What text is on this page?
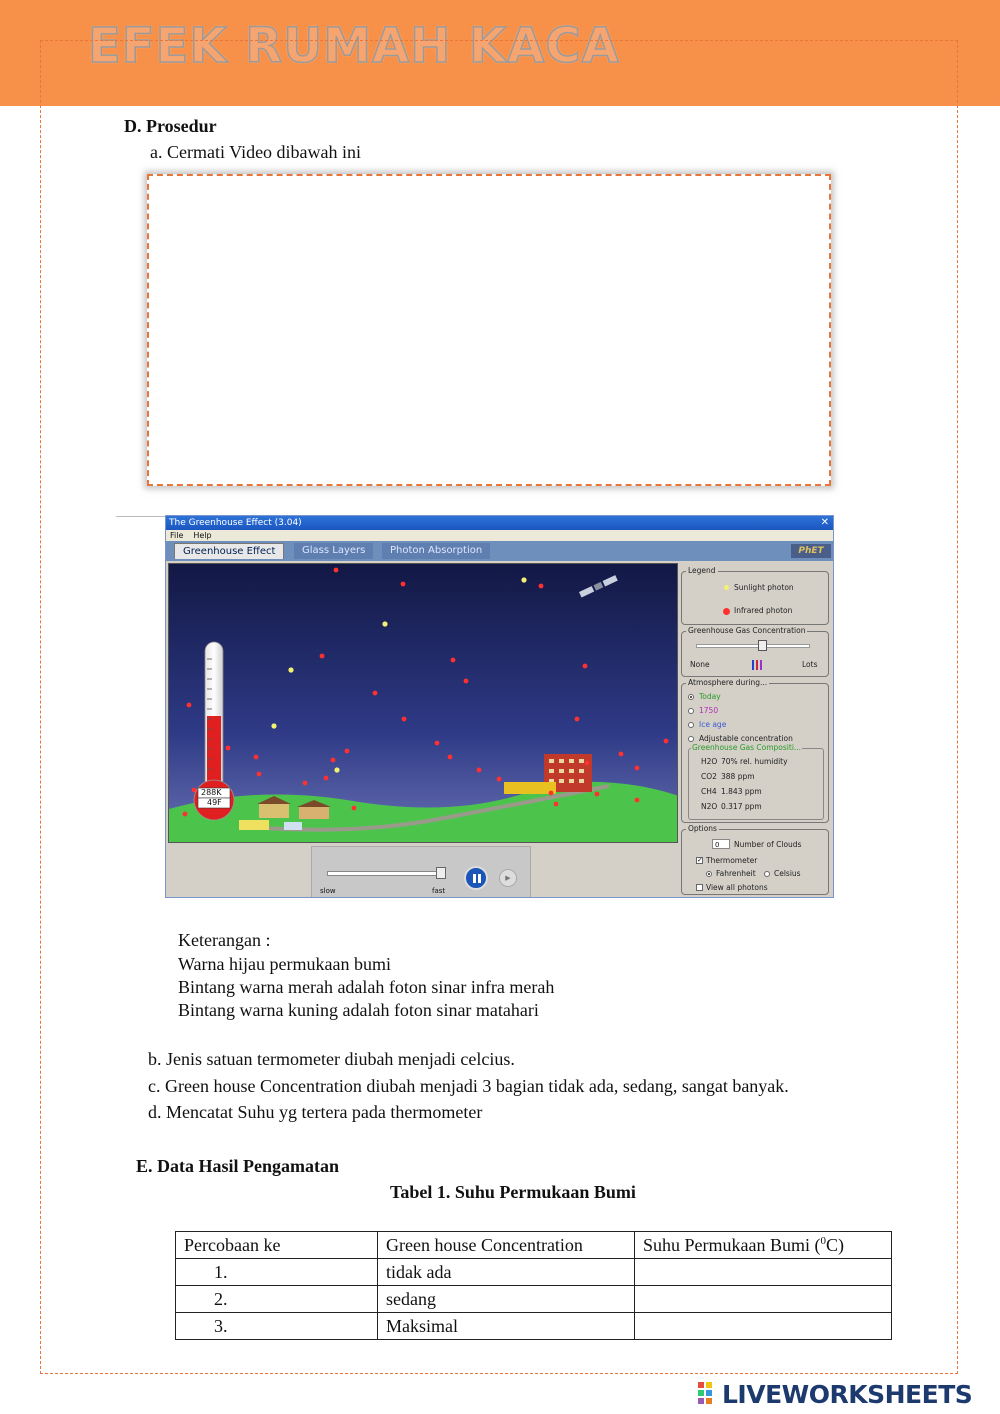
EFEK RUMAH KACA
D. Prosedur
a. Cermati Video dibawah ini
The Greenhouse Effect (3.04)	✕
File Help
Greenhouse Effect	Glass Layers	Photon Absorption	PhET
288K
49F
slow	fast
▶
Legend
Sunlight photon
Infrared photon
Greenhouse Gas Concentration
None	Lots
Atmosphere during...
Today
1750
Ice age
Adjustable concentration
Greenhouse Gas Compositi...
H2O 70% rel. humidity
CO2 388 ppm
CH4 1.843 ppm
N2O 0.317 ppm
Options
0	Number of Clouds
✓ Thermometer
Fahrenheit Celsius
View all photons
Keterangan :
Warna hijau permukaan bumi
Bintang warna merah adalah foton sinar infra merah
Bintang warna kuning adalah foton sinar matahari
b. Jenis satuan termometer diubah menjadi celcius.
c. Green house Concentration diubah menjadi 3 bagian tidak ada, sedang, sangat banyak.
d. Mencatat Suhu yg tertera pada thermometer
E. Data Hasil Pengamatan
Tabel 1. Suhu Permukaan Bumi
Percobaan ke	Green house Concentration	Suhu Permukaan Bumi ($^0$C)
1.	tidak ada	
2.	sedang	
3.	Maksimal	
LIVEWORKSHEETS
